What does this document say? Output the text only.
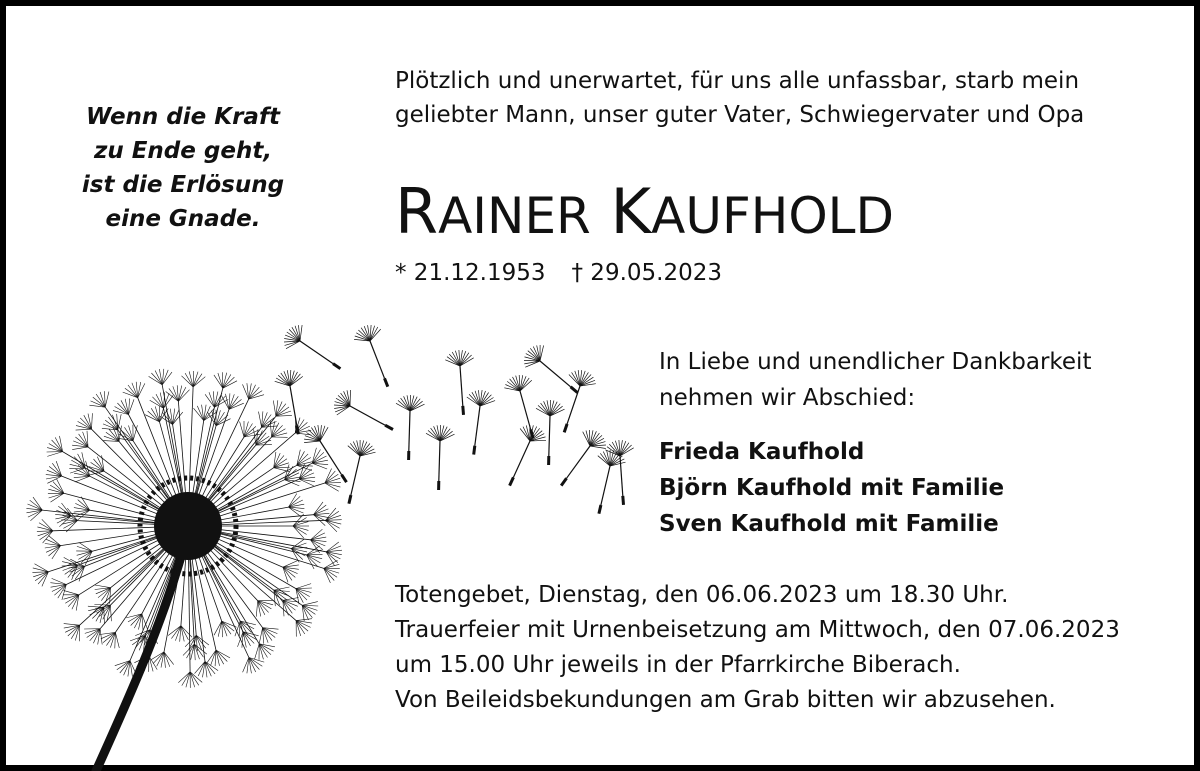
Wenn die Kraft
zu Ende geht,
ist die Erlösung
eine Gnade.
Plötzlich und unerwartet, für uns alle unfassbar, starb mein
geliebter Mann, unser guter Vater, Schwiegervater und Opa
RAINER KAUFHOLD
* 21.12.1953 † 29.05.2023
In Liebe und unendlicher Dankbarkeit
nehmen wir Abschied:
Frieda Kaufhold
Björn Kaufhold mit Familie
Sven Kaufhold mit Familie
Totengebet, Dienstag, den 06.06.2023 um 18.30 Uhr.
Trauerfeier mit Urnenbeisetzung am Mittwoch, den 07.06.2023
um 15.00 Uhr jeweils in der Pfarrkirche Biberach.
Von Beileidsbekundungen am Grab bitten wir abzusehen.
